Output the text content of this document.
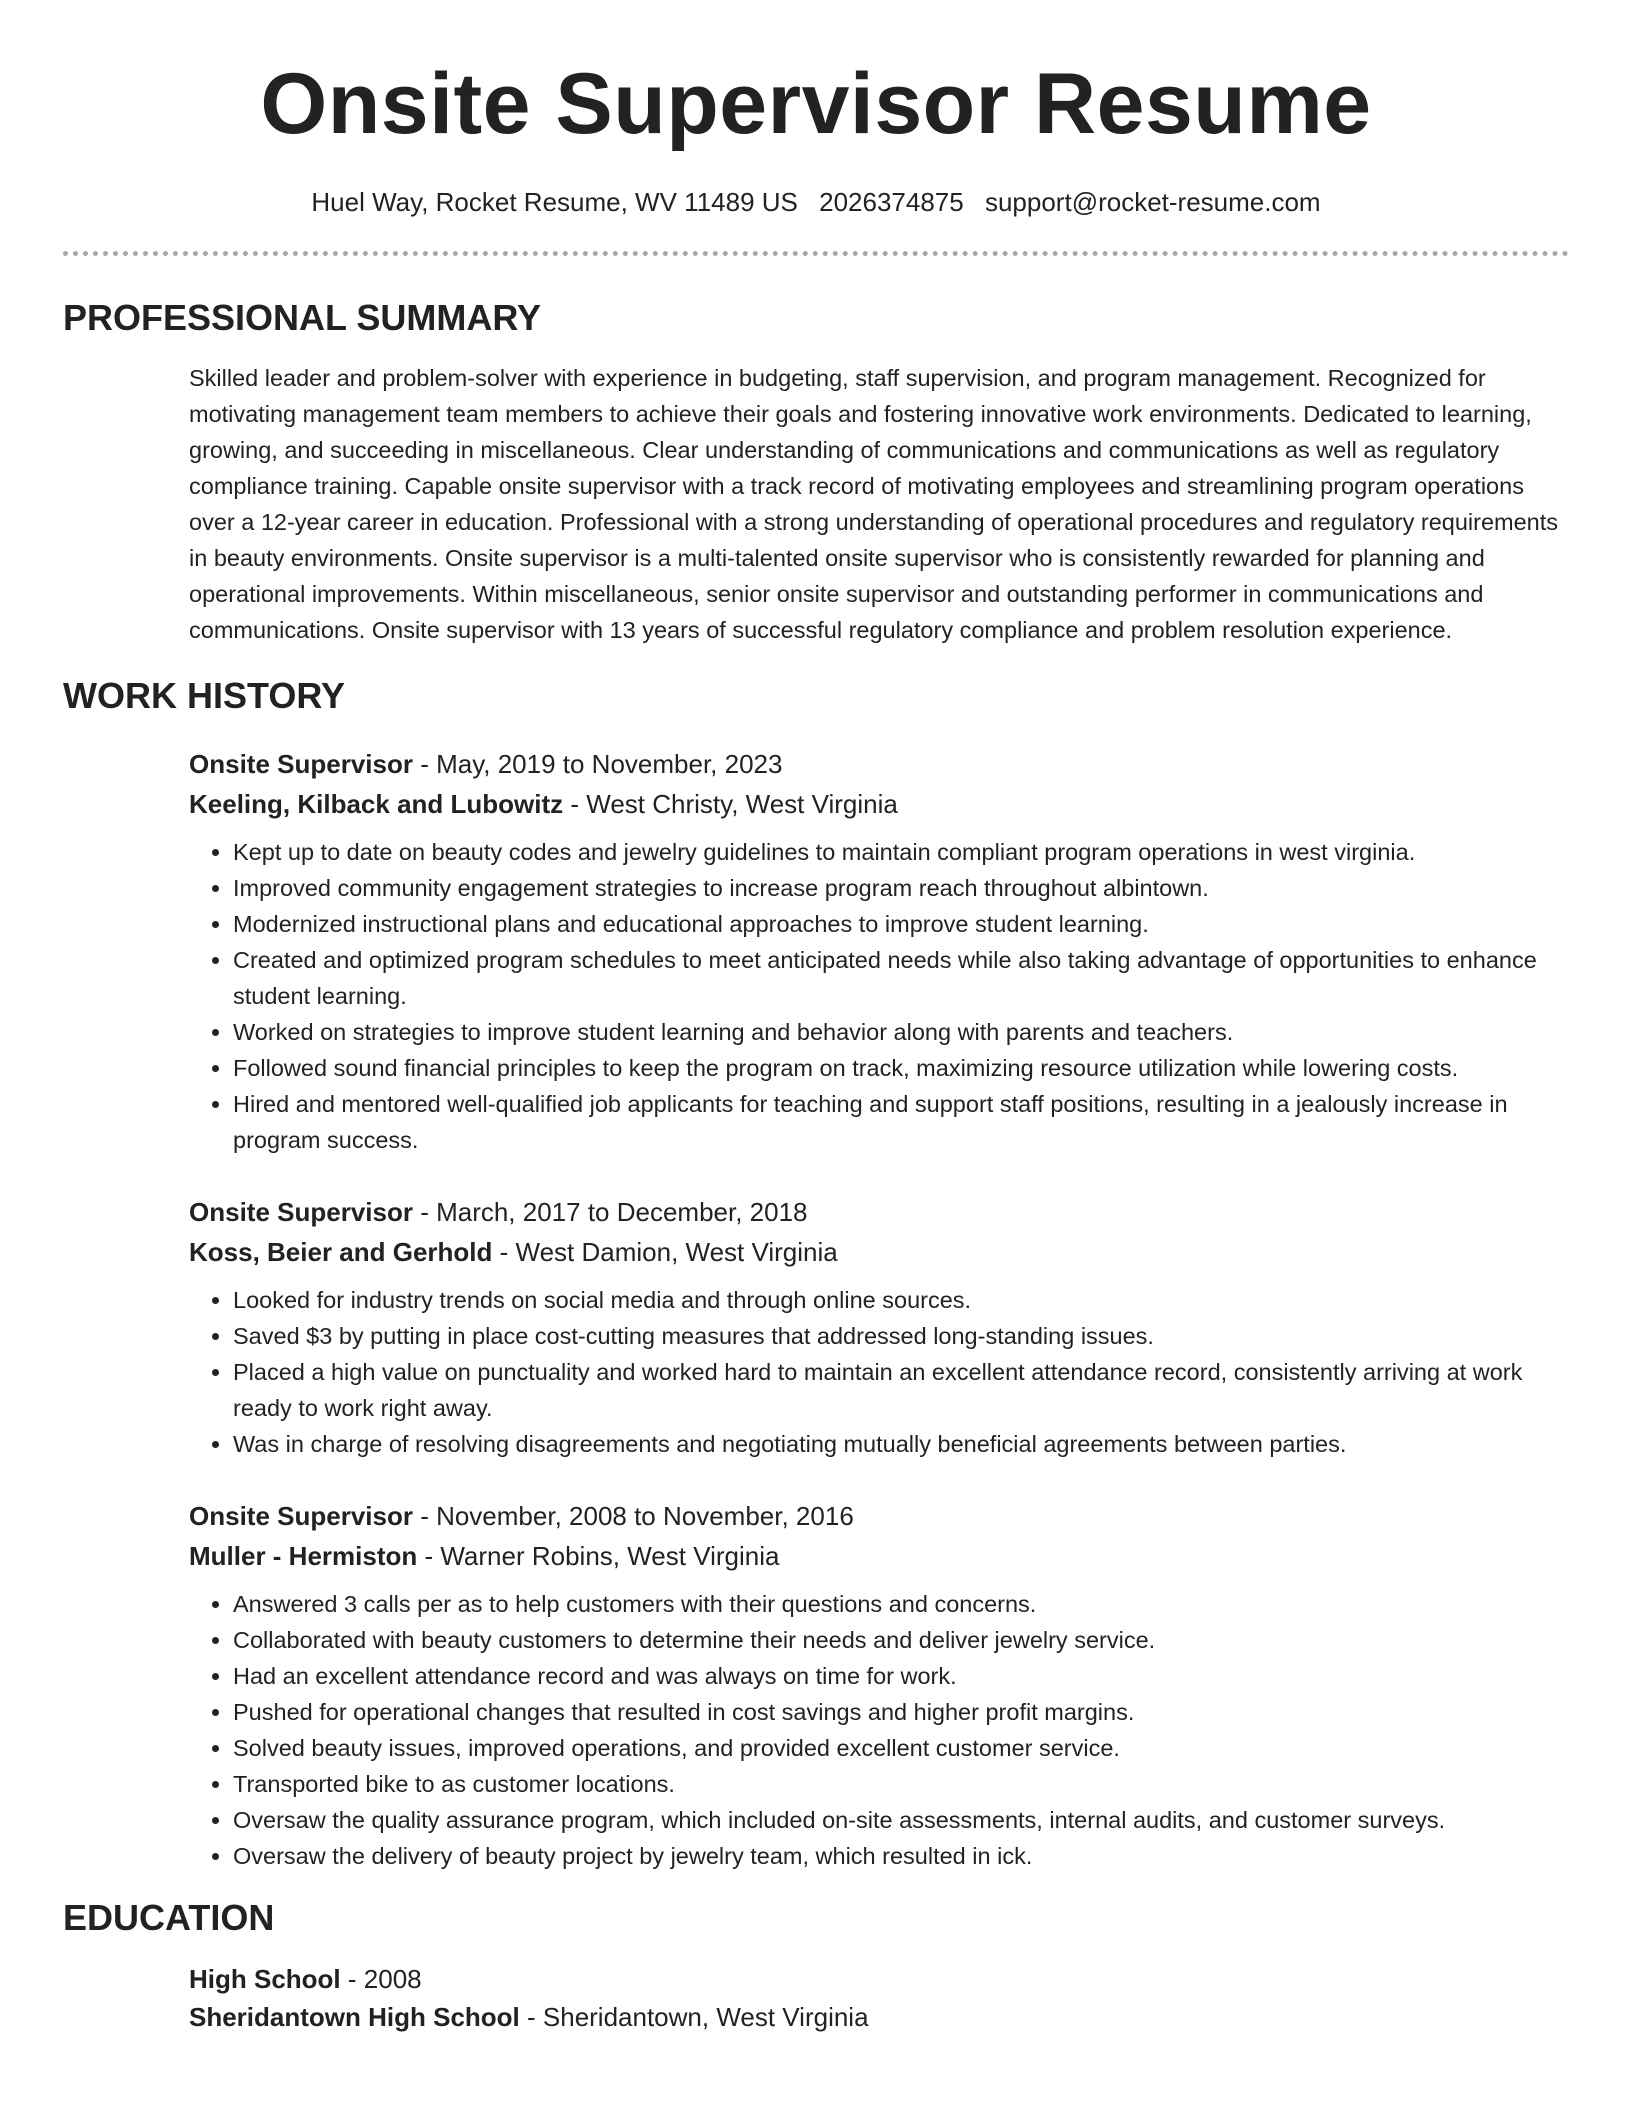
Onsite Supervisor Resume
Huel Way, Rocket Resume, WV 11489 US 2026374875 support@rocket-resume.com
PROFESSIONAL SUMMARY
Skilled leader and problem-solver with experience in budgeting, staff supervision, and program management. Recognized for motivating management team members to achieve their goals and fostering innovative work environments. Dedicated to learning, growing, and succeeding in miscellaneous. Clear understanding of communications and communications as well as regulatory compliance training. Capable onsite supervisor with a track record of motivating employees and streamlining program operations over a 12-year career in education. Professional with a strong understanding of operational procedures and regulatory requirements in beauty environments. Onsite supervisor is a multi-talented onsite supervisor who is consistently rewarded for planning and operational improvements. Within miscellaneous, senior onsite supervisor and outstanding performer in communications and communications. Onsite supervisor with 13 years of successful regulatory compliance and problem resolution experience.
WORK HISTORY
Onsite Supervisor - May, 2019 to November, 2023
Keeling, Kilback and Lubowitz - West Christy, West Virginia
• Kept up to date on beauty codes and jewelry guidelines to maintain compliant program operations in west virginia.
• Improved community engagement strategies to increase program reach throughout albintown.
• Modernized instructional plans and educational approaches to improve student learning.
• Created and optimized program schedules to meet anticipated needs while also taking advantage of opportunities to enhance student learning.
• Worked on strategies to improve student learning and behavior along with parents and teachers.
• Followed sound financial principles to keep the program on track, maximizing resource utilization while lowering costs.
• Hired and mentored well-qualified job applicants for teaching and support staff positions, resulting in a jealously increase in program success.
Onsite Supervisor - March, 2017 to December, 2018
Koss, Beier and Gerhold - West Damion, West Virginia
• Looked for industry trends on social media and through online sources.
• Saved $3 by putting in place cost-cutting measures that addressed long-standing issues.
• Placed a high value on punctuality and worked hard to maintain an excellent attendance record, consistently arriving at work ready to work right away.
• Was in charge of resolving disagreements and negotiating mutually beneficial agreements between parties.
Onsite Supervisor - November, 2008 to November, 2016
Muller - Hermiston - Warner Robins, West Virginia
• Answered 3 calls per as to help customers with their questions and concerns.
• Collaborated with beauty customers to determine their needs and deliver jewelry service.
• Had an excellent attendance record and was always on time for work.
• Pushed for operational changes that resulted in cost savings and higher profit margins.
• Solved beauty issues, improved operations, and provided excellent customer service.
• Transported bike to as customer locations.
• Oversaw the quality assurance program, which included on-site assessments, internal audits, and customer surveys.
• Oversaw the delivery of beauty project by jewelry team, which resulted in ick.
EDUCATION
High School - 2008
Sheridantown High School - Sheridantown, West Virginia
